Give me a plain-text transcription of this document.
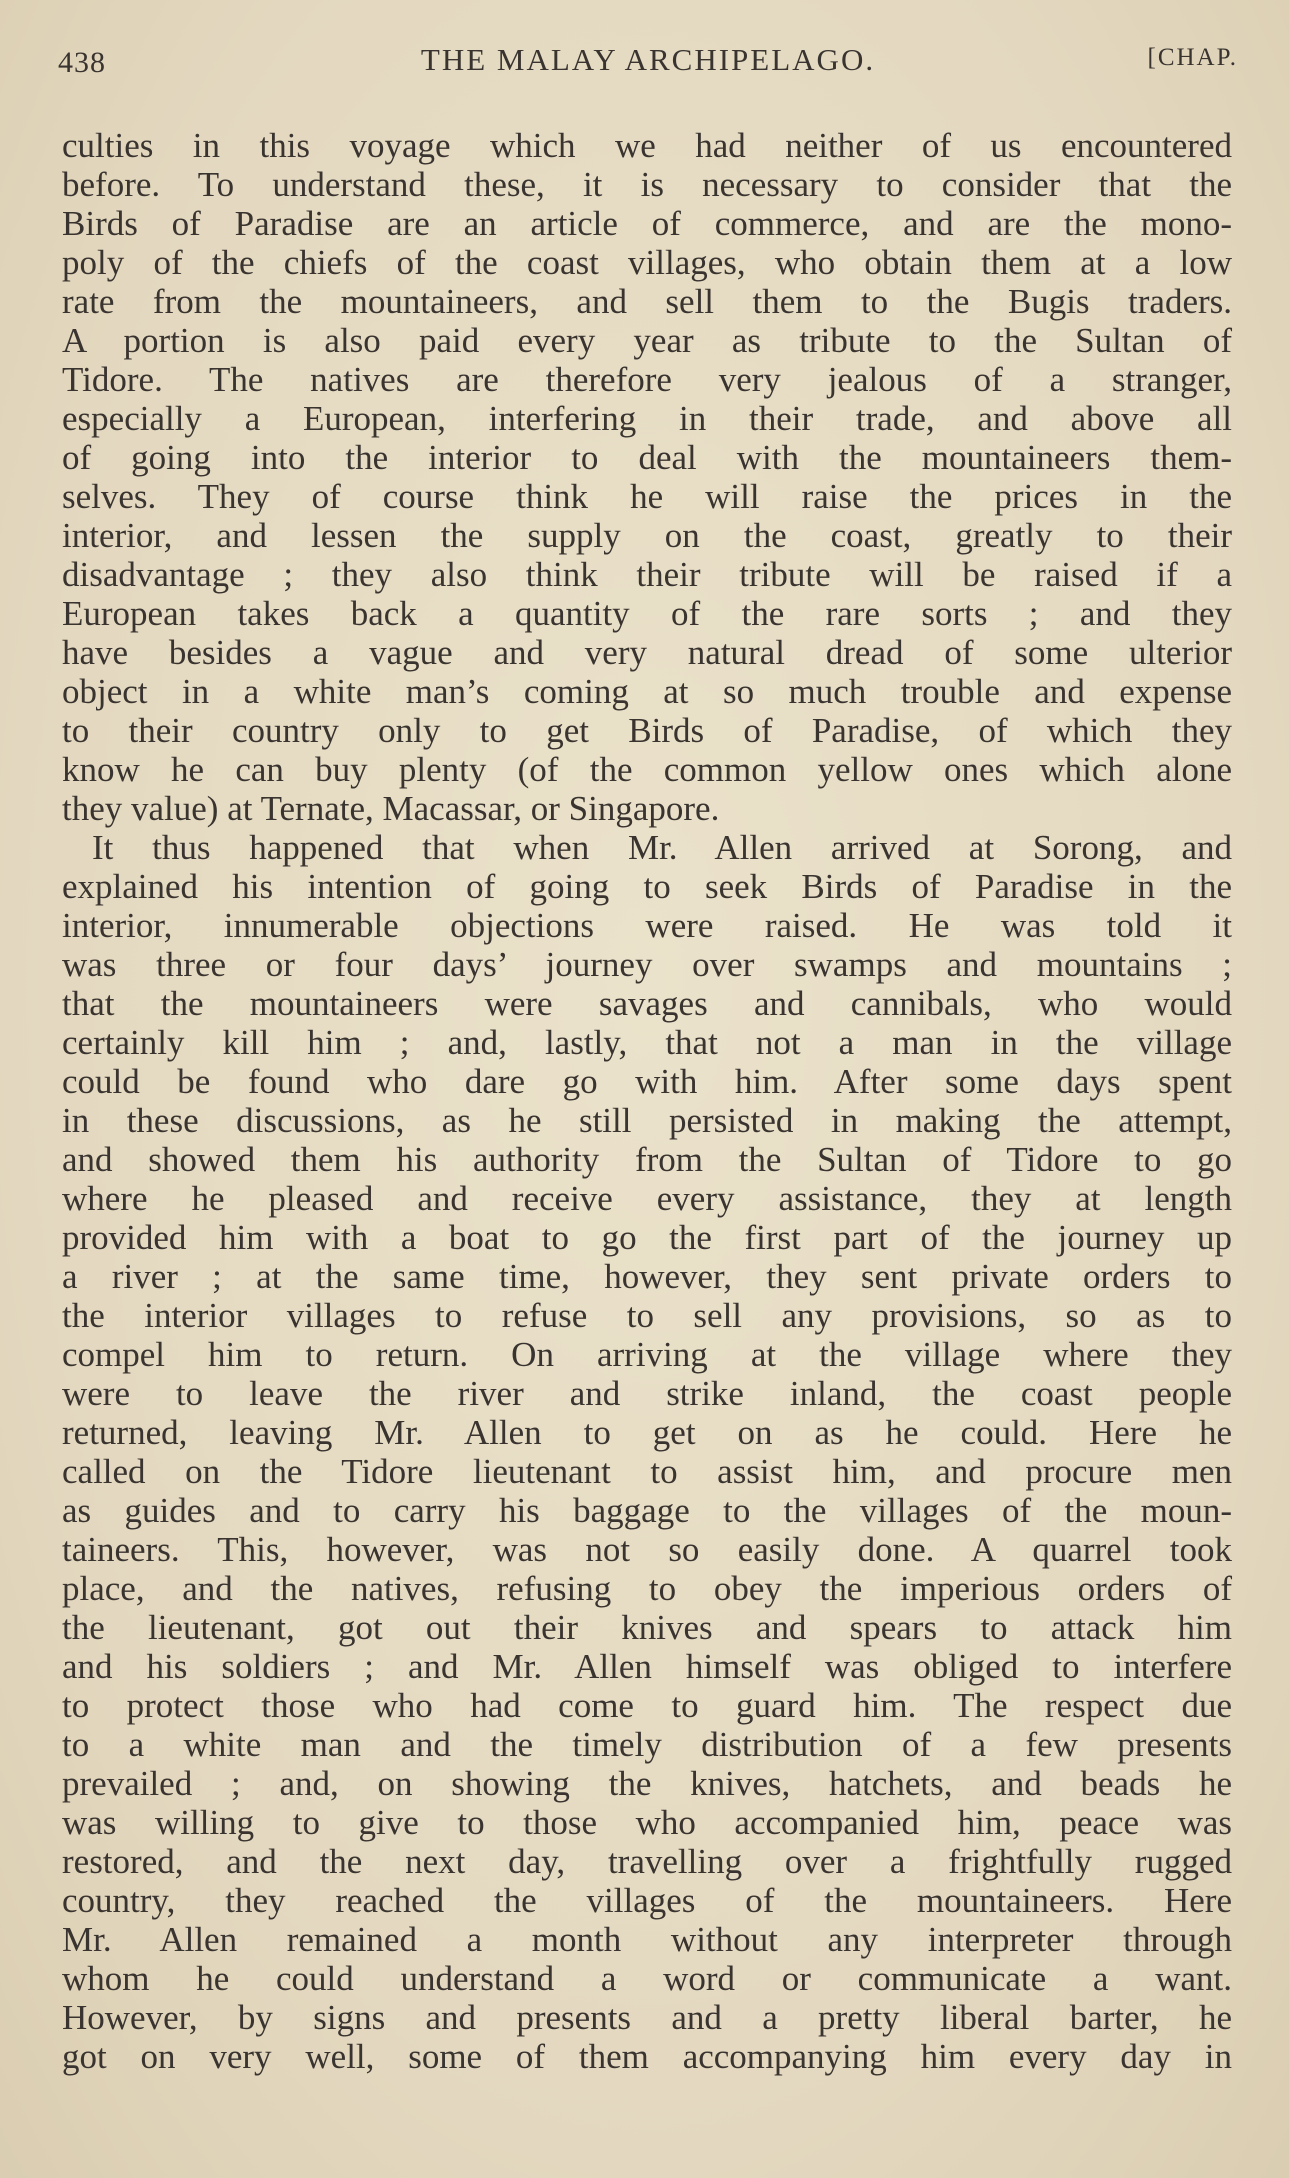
438	THE MALAY ARCHIPELAGO.	[CHAP.
culties in this voyage which we had neither of us encountered
before. To understand these, it is necessary to consider that the
Birds of Paradise are an article of commerce, and are the mono-
poly of the chiefs of the coast villages, who obtain them at a low
rate from the mountaineers, and sell them to the Bugis traders.
A portion is also paid every year as tribute to the Sultan of
Tidore. The natives are therefore very jealous of a stranger,
especially a European, interfering in their trade, and above all
of going into the interior to deal with the mountaineers them-
selves. They of course think he will raise the prices in the
interior, and lessen the supply on the coast, greatly to their
disadvantage ; they also think their tribute will be raised if a
European takes back a quantity of the rare sorts ; and they
have besides a vague and very natural dread of some ulterior
object in a white man’s coming at so much trouble and expense
to their country only to get Birds of Paradise, of which they
know he can buy plenty (of the common yellow ones which alone
they value) at Ternate, Macassar, or Singapore.
It thus happened that when Mr. Allen arrived at Sorong, and
explained his intention of going to seek Birds of Paradise in the
interior, innumerable objections were raised. He was told it
was three or four days’ journey over swamps and mountains ;
that the mountaineers were savages and cannibals, who would
certainly kill him ; and, lastly, that not a man in the village
could be found who dare go with him. After some days spent
in these discussions, as he still persisted in making the attempt,
and showed them his authority from the Sultan of Tidore to go
where he pleased and receive every assistance, they at length
provided him with a boat to go the first part of the journey up
a river ; at the same time, however, they sent private orders to
the interior villages to refuse to sell any provisions, so as to
compel him to return. On arriving at the village where they
were to leave the river and strike inland, the coast people
returned, leaving Mr. Allen to get on as he could. Here he
called on the Tidore lieutenant to assist him, and procure men
as guides and to carry his baggage to the villages of the moun-
taineers. This, however, was not so easily done. A quarrel took
place, and the natives, refusing to obey the imperious orders of
the lieutenant, got out their knives and spears to attack him
and his soldiers ; and Mr. Allen himself was obliged to interfere
to protect those who had come to guard him. The respect due
to a white man and the timely distribution of a few presents
prevailed ; and, on showing the knives, hatchets, and beads he
was willing to give to those who accompanied him, peace was
restored, and the next day, travelling over a frightfully rugged
country, they reached the villages of the mountaineers. Here
Mr. Allen remained a month without any interpreter through
whom he could understand a word or communicate a want.
However, by signs and presents and a pretty liberal barter, he
got on very well, some of them accompanying him every day in
